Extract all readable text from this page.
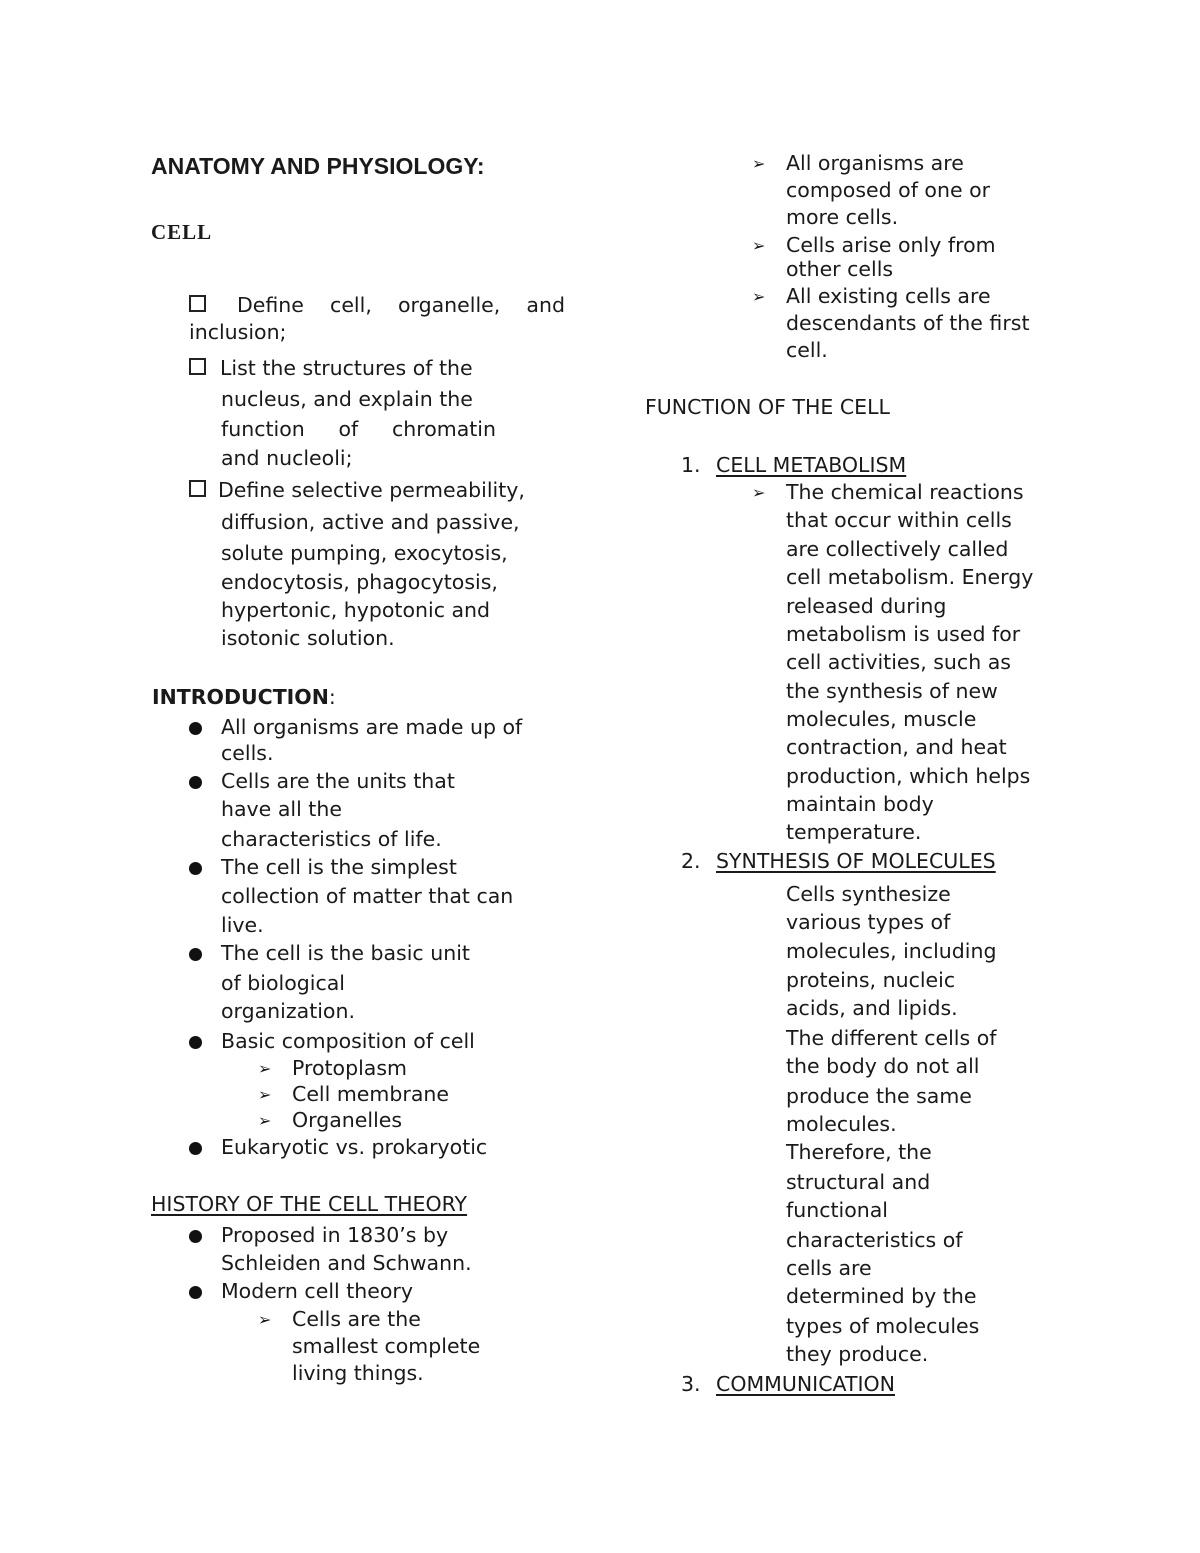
ANATOMY AND PHYSIOLOGY:
CELL
Define cell, organelle, and
inclusion;
List the structures of the
nucleus, and explain the
function of chromatin
and nucleoli;
Define selective permeability,
diffusion, active and passive,
solute pumping, exocytosis,
endocytosis, phagocytosis,
hypertonic, hypotonic and
isotonic solution.
INTRODUCTION:
All organisms are made up of
cells.
Cells are the units that
have all the
characteristics of life.
The cell is the simplest
collection of matter that can
live.
The cell is the basic unit
of biological
organization.
Basic composition of cell
➢ Protoplasm
➢ Cell membrane
➢ Organelles
Eukaryotic vs. prokaryotic
HISTORY OF THE CELL THEORY
Proposed in 1830’s by
Schleiden and Schwann.
Modern cell theory
➢ Cells are the
smallest complete
living things.
➢ All organisms are
composed of one or
more cells.
➢ Cells arise only from
other cells
➢ All existing cells are
descendants of the first
cell.
FUNCTION OF THE CELL
1. CELL METABOLISM
➢ The chemical reactions
that occur within cells
are collectively called
cell metabolism. Energy
released during
metabolism is used for
cell activities, such as
the synthesis of new
molecules, muscle
contraction, and heat
production, which helps
maintain body
temperature.
2. SYNTHESIS OF MOLECULES
Cells synthesize
various types of
molecules, including
proteins, nucleic
acids, and lipids.
The different cells of
the body do not all
produce the same
molecules.
Therefore, the
structural and
functional
characteristics of
cells are
determined by the
types of molecules
they produce.
3. COMMUNICATION
